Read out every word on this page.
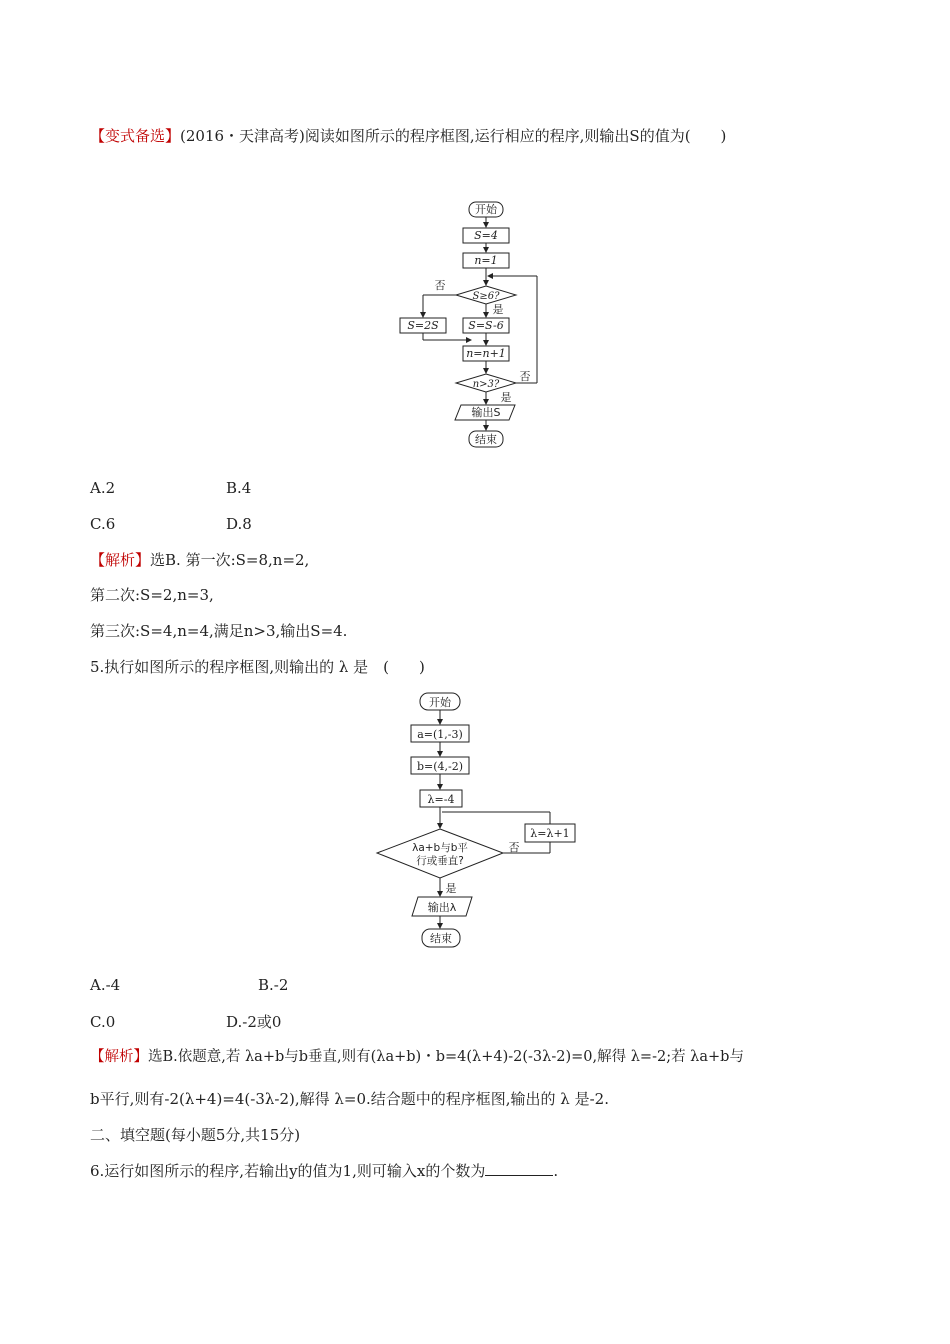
【变式备选】(2016・天津高考)阅读如图所示的程序框图,运行相应的程序,则输出S的值为(　　)
开始
S=4
n=1
S≥6?
是
否
S=2S	S=S-6
n=n+1
n>3?
否
是
输出S
结束
A.2	B.4
C.6	D.8
【解析】选B. 第一次:S=8,n=2,
第二次:S=2,n=3,
第三次:S=4,n=4,满足n>3,输出S=4.
5.执行如图所示的程序框图,则输出的 λ 是　(　　)
开始
a=(1,-3)
b=(4,-2)
λ=-4
λa+b与b平
行或垂直?
λ=λ+1
否
是
输出λ
结束
A.-4	B.-2
C.0	D.-2或0
【解析】选B.依题意,若 λa+b与b垂直,则有(λa+b)・b=4(λ+4)-2(-3λ-2)=0,解得 λ=-2;若 λa+b与
b平行,则有-2(λ+4)=4(-3λ-2),解得 λ=0.结合题中的程序框图,输出的 λ 是-2.
二、填空题(每小题5分,共15分)
6.运行如图所示的程序,若输出y的值为1,则可输入x的个数为	.
